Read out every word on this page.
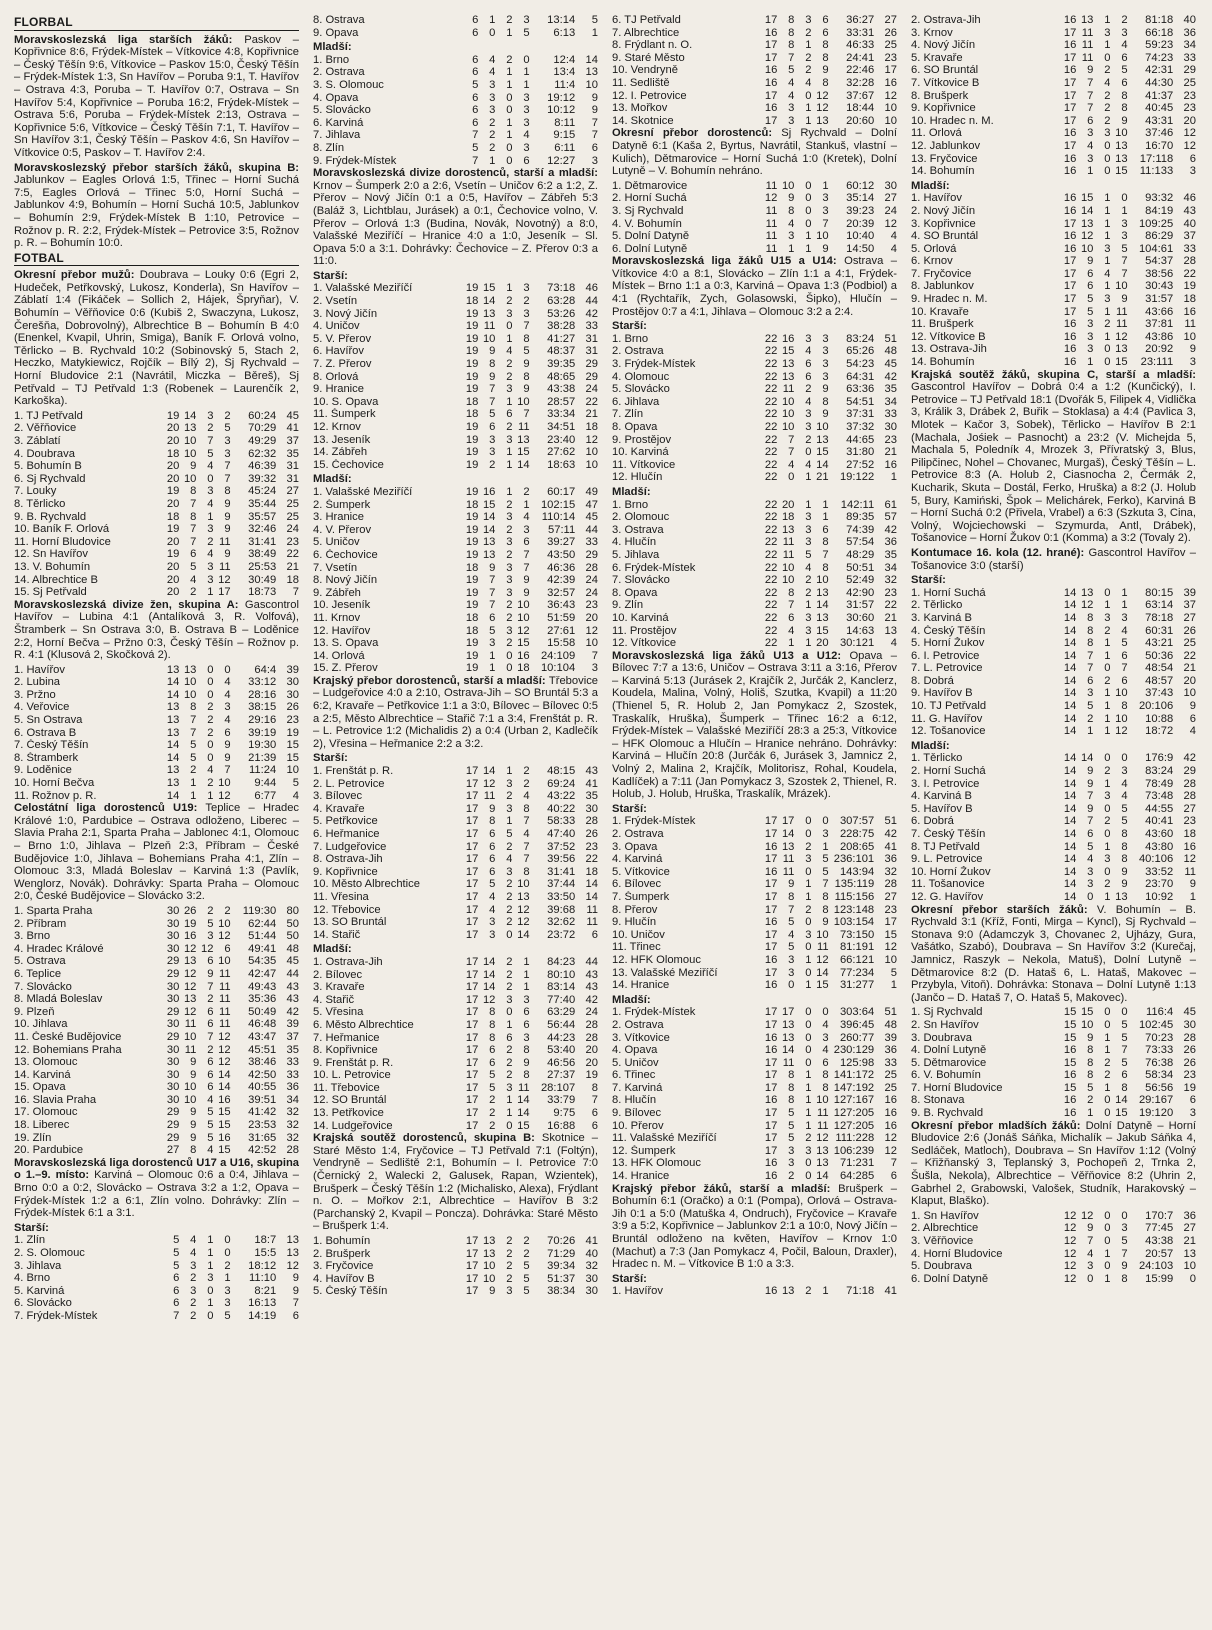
FLORBAL

Moravskoslezská liga starších žáků: Paskov – Kopřivnice 8:6, Frýdek-Místek – Vítkovice 4:8, Kopřivnice – Český Těšín 9:6, Vítkovice – Paskov 15:0, Český Těšín – Frýdek-Místek 1:3, Sn Havířov – Poruba 9:1, T. Havířov – Ostrava 4:3, Poruba – T. Havířov 0:7, Ostrava – Sn Havířov 5:4, Kopřivnice – Poruba 16:2, Frýdek-Místek – Ostrava 5:6, Poruba – Frýdek-Místek 2:13, Ostrava – Kopřivnice 5:6, Vítkovice – Český Těšín 7:1, T. Havířov – Sn Havířov 3:1, Český Těšín – Paskov 4:6, Sn Havířov – Vítkovice 0:5, Paskov – T. Havířov 2:4.

Moravskoslezský přebor starších žáků, skupina B: Jablunkov – Eagles Orlová 1:5, Třinec – Horní Suchá 7:5, Eagles Orlová – Třinec 5:0, Horní Suchá – Jablunkov 4:9, Bohumín – Horní Suchá 10:5, Jablunkov – Bohumín 2:9, Frýdek-Místek B 1:10, Petrovice – Rožnov p. R. 2:2, Frýdek-Místek – Petrovice 3:5, Rožnov p. R. – Bohumín 10:0.

FOTBAL

Okresní přebor mužů: Doubrava – Louky 0:6 (Egri 2, Hudeček, Petřkovský, Lukosz, Konderla), Sn Havířov – Záblatí 1:4 (Fikáček – Sollich 2, Hájek, Špryňar), V. Bohumín – Věřňovice 0:6 (Kubiš 2, Swaczyna, Lukosz, Čerešňa, Dobrovolný), Albrechtice B – Bohumín B 4:0 (Enenkel, Kvapil, Uhrin, Smiga), Baník F. Orlová volno, Těrlicko – B. Rychvald 10:2 (Sobinovský 5, Stach 2, Heczko, Matykiewicz, Rojčík – Bílý 2), Sj Rychvald – Horní Bludovice 2:1 (Navrátil, Miczka – Běreš), Sj Petřvald – TJ Petřvald 1:3 (Robenek – Laurenčík 2, Karkoška).

1. TJ Petřvald	19	14	3	2	60:24	45
2. Věřňovice	20	13	2	5	70:29	41
3. Záblatí	20	10	7	3	49:29	37
4. Doubrava	18	10	5	3	62:32	35
5. Bohumín B	20	9	4	7	46:39	31
6. Sj Rychvald	20	10	0	7	39:32	31
7. Louky	19	8	3	8	45:24	27
8. Těrlicko	20	7	4	9	35:44	25
9. B. Rychvald	18	8	1	9	35:57	25
10. Baník F. Orlová	19	7	3	9	32:46	24
11. Horní Bludovice	20	7	2	11	31:41	23
12. Sn Havířov	19	6	4	9	38:49	22
13. V. Bohumín	20	5	3	11	25:53	21
14. Albrechtice B	20	4	3	12	30:49	18
15. Sj Petřvald	20	2	1	17	18:73	7

Moravskoslezská divize žen, skupina A: Gascontrol Havířov – Lubina 4:1 (Antalíková 3, R. Volfová), Štramberk – Sn Ostrava 3:0, B. Ostrava B – Loděnice 2:2, Horní Bečva – Pržno 0:3, Český Těšín – Rožnov p. R. 4:1 (Klusová 2, Skočková 2).

1. Havířov	13	13	0	0	64:4	39
2. Lubina	14	10	0	4	33:12	30
3. Pržno	14	10	0	4	28:16	30
4. Veřovice	13	8	2	3	38:15	26
5. Sn Ostrava	13	7	2	4	29:16	23
6. Ostrava B	13	7	2	6	39:19	19
7. Český Těšín	14	5	0	9	19:30	15
8. Štramberk	14	5	0	9	21:39	15
9. Loděnice	13	2	4	7	11:24	10
10. Horní Bečva	13	1	2	10	9:44	5
11. Rožnov p. R.	14	1	1	12	6:77	4

Celostátní liga dorostenců U19: Teplice – Hradec Králové 1:0, Pardubice – Ostrava odloženo, Liberec – Slavia Praha 2:1, Sparta Praha – Jablonec 4:1, Olomouc – Brno 1:0, Jihlava – Plzeň 2:3, Příbram – České Budějovice 1:0, Jihlava – Bohemians Praha 4:1, Zlín – Olomouc 3:3, Mladá Boleslav – Karviná 1:3 (Pavlík, Wenglorz, Novák). Dohrávky: Sparta Praha – Olomouc 2:0, České Budějovice – Slovácko 3:2.

1. Sparta Praha	30	26	2	2	119:30	80
2. Příbram	30	19	5	10	62:44	50
3. Brno	30	16	3	12	51:44	50
4. Hradec Králové	30	12	12	6	49:41	48
5. Ostrava	29	13	6	10	54:35	45
6. Teplice	29	12	9	11	42:47	44
7. Slovácko	30	12	7	11	49:43	43
8. Mladá Boleslav	30	13	2	11	35:36	43
9. Plzeň	29	12	6	11	50:49	42
10. Jihlava	30	11	6	11	46:48	39
11. České Budějovice	29	10	7	12	43:47	37
12. Bohemians Praha	30	11	2	12	45:51	35
13. Olomouc	30	9	6	12	38:46	33
14. Karviná	30	9	6	14	42:50	33
15. Opava	30	10	6	14	40:55	36
16. Slavia Praha	30	10	4	16	39:51	34
17. Olomouc	29	9	5	15	41:42	32
18. Liberec	29	9	5	15	23:53	32
19. Zlín	29	9	5	16	31:65	32
20. Pardubice	27	8	4	15	42:52	28

Moravskoslezská liga dorostenců U17 a U16, skupina o 1.–9. místo: Karviná – Olomouc 0:6 a 0:4, Jihlava – Brno 0:0 a 0:2, Slovácko – Ostrava 3:2 a 1:2, Opava – Frýdek-Místek 1:2 a 6:1, Zlín volno. Dohrávky: Zlín – Frýdek-Místek 6:1 a 3:1.

Starší:
1. Zlín	5	4	1	0	18:7	13
2. S. Olomouc	5	4	1	0	15:5	13
3. Jihlava	5	3	1	2	18:12	12
4. Brno	6	2	3	1	11:10	9
5. Karviná	6	3	0	3	8:21	9
6. Slovácko	6	2	1	3	16:13	7
7. Frýdek-Místek	7	2	0	5	14:19	6
8. Ostrava	6	1	2	3	13:14	5
9. Opava	6	0	1	5	6:13	1
Mladší:
1. Brno	6	4	2	0	12:4	14
2. Ostrava	6	4	1	1	13:4	13
3. S. Olomouc	5	3	1	1	11:4	10
4. Opava	6	3	0	3	19:12	9
5. Slovácko	6	3	0	3	10:12	9
6. Karviná	6	2	1	3	8:11	7
7. Jihlava	7	2	1	4	9:15	7
8. Zlín	5	2	0	3	6:11	6
9. Frýdek-Místek	7	1	0	6	12:27	3

Moravskoslezská divize dorostenců, starší a mladší: Krnov – Šumperk 2:0 a 2:6, Vsetín – Uničov 6:2 a 1:2, Z. Přerov – Nový Jičín 0:1 a 0:5, Havířov – Zábřeh 5:3 (Baláž 3, Lichtblau, Jurásek) a 0:1, Čechovice volno, V. Přerov – Orlová 1:3 (Budina, Novák, Novotný) a 8:0, Valašské Meziříčí – Hranice 4:0 a 1:0, Jeseník – Sl. Opava 5:0 a 3:1. Dohrávky: Čechovice – Z. Přerov 0:3 a 11:0.

Starší:
1. Valašské Meziříčí	19	15	1	3	73:18	46
2. Vsetín	18	14	2	2	63:28	44
3. Nový Jičín	19	13	3	3	53:26	42
4. Uničov	19	11	0	7	38:28	33
5. V. Přerov	19	10	1	8	41:27	31
6. Havířov	19	9	4	5	48:37	31
7. Z. Přerov	19	8	2	9	39:35	29
8. Orlová	19	9	2	8	48:65	29
9. Hranice	19	7	3	9	43:38	24
10. S. Opava	18	7	1	10	28:57	22
11. Šumperk	18	5	6	7	33:34	21
12. Krnov	19	6	2	11	34:51	18
13. Jeseník	19	3	3	13	23:40	12
14. Zábřeh	19	3	1	15	27:62	10
15. Čechovice	19	2	1	14	18:63	10
Mladší:
1. Valašské Meziříčí	19	16	1	2	60:17	49
2. Šumperk	18	15	2	1	102:15	47
3. Hranice	19	14	3	4	110:14	45
4. V. Přerov	19	14	2	3	57:11	44
5. Uničov	19	13	3	6	39:27	33
6. Čechovice	19	13	2	7	43:50	29
7. Vsetín	18	9	3	7	46:36	28
8. Nový Jičín	19	7	3	9	42:39	24
9. Zábřeh	19	7	3	9	32:57	24
10. Jeseník	19	7	2	10	36:43	23
11. Krnov	18	6	2	10	51:59	20
12. Havířov	18	5	3	12	27:61	12
13. S. Opava	19	3	2	15	15:58	10
14. Orlová	19	1	0	16	24:109	7
15. Z. Přerov	19	1	0	18	10:104	3

Krajský přebor dorostenců, starší a mladší: Třebovice – Ludgeřovice 4:0 a 2:10, Ostrava-Jih – SO Bruntál 5:3 a 6:2, Kravaře – Petřkovice 1:1 a 3:0, Bílovec – Bílovec 0:5 a 2:5, Město Albrechtice – Stařič 7:1 a 3:4, Frenštát p. R. – L. Petrovice 1:2 (Michalidis 2) a 0:4 (Urban 2, Kadlečík 2), Vřesina – Heřmanice 2:2 a 3:2.

Starší:
1. Frenštát p. R.	17	14	1	2	48:15	43
2. L. Petrovice	17	12	3	2	69:24	41
3. Bílovec	17	11	2	4	43:22	35
4. Kravaře	17	9	3	8	40:22	30
5. Petřkovice	17	8	1	7	58:33	28
6. Heřmanice	17	6	5	4	47:40	26
7. Ludgeřovice	17	6	2	7	37:52	23
8. Ostrava-Jih	17	6	4	7	39:56	22
9. Kopřivnice	17	6	3	8	31:41	18
10. Město Albrechtice	17	5	2	10	37:44	14
11. Vřesina	17	4	2	13	33:50	14
12. Třebovice	17	4	2	12	39:68	11
13. SO Bruntál	17	3	2	12	32:62	11
14. Stařič	17	3	0	14	23:72	6
Mladší:
1. Ostrava-Jih	17	14	2	1	84:23	44
2. Bílovec	17	14	2	1	80:10	43
3. Kravaře	17	14	2	1	83:14	43
4. Stařič	17	12	3	3	77:40	42
5. Vřesina	17	8	0	6	63:29	24
6. Město Albrechtice	17	8	1	6	56:44	28
7. Heřmanice	17	8	6	3	44:23	28
8. Kopřivnice	17	6	2	8	53:40	20
9. Frenštát p. R.	17	6	2	9	46:56	20
10. L. Petrovice	17	5	2	8	27:37	19
11. Třebovice	17	5	3	11	28:107	8
12. SO Bruntál	17	2	1	14	33:79	7
13. Petřkovice	17	2	1	14	9:75	6
14. Ludgeřovice	17	2	0	15	16:88	6

Krajská soutěž dorostenců, skupina B: Skotnice – Staré Město 1:4, Fryčovice – TJ Petřvald 7:1 (Foltýn), Vendryně – Sedliště 2:1, Bohumín – I. Petrovice 7:0 (Černický 2, Walecki 2, Galusek, Rapan, Wzientek), Brušperk – Český Těšín 1:2 (Michalisko, Alexa), Frýdlant n. O. – Mořkov 2:1, Albrechtice – Havířov B 3:2 (Parchanský 2, Kvapil – Poncza). Dohrávka: Staré Město – Brušperk 1:4.

1. Bohumín	17	13	2	2	70:26	41
2. Brušperk	17	13	2	2	71:29	40
3. Fryčovice	17	10	2	5	39:34	32
4. Havířov B	17	10	2	5	51:37	30
5. Český Těšín	17	9	3	5	38:34	30
6. TJ Petřvald	17	8	3	6	36:27	27
7. Albrechtice	16	8	2	6	33:31	26
8. Frýdlant n. O.	17	8	1	8	46:33	25
9. Staré Město	17	7	2	8	24:41	23
10. Vendryně	16	5	2	9	22:46	17
11. Sedliště	16	4	4	8	32:28	16
12. I. Petrovice	17	4	0	12	37:67	12
13. Mořkov	16	3	1	12	18:44	10
14. Skotnice	17	3	1	13	20:60	10

Okresní přebor dorostenců: Sj Rychvald – Dolní Datyně 6:1 (Kaša 2, Byrtus, Navrátil, Stankuš, vlastní – Kulich), Dětmarovice – Horní Suchá 1:0 (Kretek), Dolní Lutyně – V. Bohumín nehráno.

1. Dětmarovice	11	10	0	1	60:12	30
2. Horní Suchá	12	9	0	3	35:14	27
3. Sj Rychvald	11	8	0	3	39:23	24
4. V. Bohumín	11	4	0	7	20:39	12
5. Dolní Datyně	11	3	1	10	10:40	4
6. Dolní Lutyně	11	1	1	9	14:50	4

Moravskoslezská liga žáků U15 a U14: Ostrava – Vítkovice 4:0 a 8:1, Slovácko – Zlín 1:1 a 4:1, Frýdek-Místek – Brno 1:1 a 0:3, Karviná – Opava 1:3 (Podbiol) a 4:1 (Rychtařík, Zych, Golasowski, Šipko), Hlučín – Prostějov 0:7 a 4:1, Jihlava – Olomouc 3:2 a 2:4.

Starší:
1. Brno	22	16	3	3	83:24	51
2. Ostrava	22	15	4	3	65:26	48
3. Frýdek-Místek	22	13	6	3	54:23	45
4. Olomouc	22	13	6	3	64:31	42
5. Slovácko	22	11	2	9	63:36	35
6. Jihlava	22	10	4	8	54:51	34
7. Zlín	22	10	3	9	37:31	33
8. Opava	22	10	3	10	37:32	30
9. Prostějov	22	7	2	13	44:65	23
10. Karviná	22	7	0	15	31:80	21
11. Vítkovice	22	4	4	14	27:52	16
12. Hlučín	22	0	1	21	19:122	1
Mladší:
1. Brno	22	20	1	1	142:11	61
2. Olomouc	22	18	3	1	89:35	57
3. Ostrava	22	13	3	6	74:39	42
4. Hlučín	22	11	3	8	57:54	36
5. Jihlava	22	11	5	7	48:29	35
6. Frýdek-Místek	22	10	4	8	50:51	34
7. Slovácko	22	10	2	10	52:49	32
8. Opava	22	8	2	13	42:90	23
9. Zlín	22	7	1	14	31:57	22
10. Karviná	22	6	3	13	30:60	21
11. Prostějov	22	4	3	15	14:63	13
12. Vítkovice	22	1	1	20	30:121	4

Moravskoslezská liga žáků U13 a U12: Opava – Bílovec 7:7 a 13:6, Uničov – Ostrava 3:11 a 3:16, Přerov – Karviná 5:13 (Jurásek 2, Krajčík 2, Jurčák 2, Kanclerz, Koudela, Malina, Volný, Holiš, Szutka, Kvapil) a 11:20 (Thienel 5, R. Holub 2, Jan Pomykacz 2, Szostek, Traskalík, Hruška), Šumperk – Třinec 16:2 a 6:12, Frýdek-Místek – Valašské Meziříčí 28:3 a 25:3, Vítkovice – HFK Olomouc a Hlučín – Hranice nehráno. Dohrávky: Karviná – Hlučín 20:8 (Jurčák 6, Jurásek 3, Jamnicz 2, Volný 2, Malina 2, Krajčík, Molitorisz, Rohal, Koudela, Kadlíček) a 7:11 (Jan Pomykacz 3, Szostek 2, Thienel, R. Holub, J. Holub, Hruška, Traskalík, Mrázek).

Starší:
1. Frýdek-Místek	17	17	0	0	307:57	51
2. Ostrava	17	14	0	3	228:75	42
3. Opava	16	13	2	1	208:65	41
4. Karviná	17	11	3	5	236:101	36
5. Vítkovice	16	11	0	5	143:94	32
6. Bílovec	17	9	1	7	135:119	28
7. Šumperk	17	8	1	8	115:156	27
8. Přerov	17	7	2	8	123:148	23
9. Hlučín	16	5	0	9	103:154	17
10. Uničov	17	4	3	10	73:150	15
11. Třinec	17	5	0	11	81:191	12
12. HFK Olomouc	16	3	1	12	66:121	10
13. Valašské Meziříčí	17	3	0	14	77:234	5
14. Hranice	16	0	1	15	31:277	1
Mladší:
1. Frýdek-Místek	17	17	0	0	303:64	51
2. Ostrava	17	13	0	4	396:45	48
3. Vítkovice	16	13	0	3	260:77	39
4. Opava	16	14	0	4	230:129	36
5. Uničov	17	11	0	6	125:98	33
6. Třinec	17	8	1	8	141:172	25
7. Karviná	17	8	1	8	147:192	25
8. Hlučín	16	8	1	10	127:167	16
9. Bílovec	17	5	1	11	127:205	16
10. Přerov	17	5	1	11	127:205	16
11. Valašské Meziříčí	17	5	2	12	111:228	12
12. Šumperk	17	3	3	13	106:239	12
13. HFK Olomouc	16	3	0	13	71:231	7
14. Hranice	16	2	0	14	64:285	6

Krajský přebor žáků, starší a mladší: Brušperk – Bohumín 6:1 (Oračko) a 0:1 (Pompa), Orlová – Ostrava-Jih 0:1 a 5:0 (Matuška 4, Ondruch), Fryčovice – Kravaře 3:9 a 5:2, Kopřivnice – Jablunkov 2:1 a 10:0, Nový Jičín – Bruntál odloženo na květen, Havířov – Krnov 1:0 (Machut) a 7:3 (Jan Pomykacz 4, Počil, Baloun, Draxler), Hradec n. M. – Vítkovice B 1:0 a 3:3.

Starší:
1. Havířov	16	13	2	1	71:18	41
2. Ostrava-Jih	16	13	1	2	81:18	40
3. Krnov	17	11	3	3	66:18	36
4. Nový Jičín	16	11	1	4	59:23	34
5. Kravaře	17	11	0	6	74:23	33
6. SO Bruntál	16	9	2	5	42:31	29
7. Vítkovice B	17	7	4	6	44:30	25
8. Brušperk	17	7	2	8	41:37	23
9. Kopřivnice	17	7	2	8	40:45	23
10. Hradec n. M.	17	6	2	9	43:31	20
11. Orlová	16	3	3	10	37:46	12
12. Jablunkov	17	4	0	13	16:70	12
13. Fryčovice	16	3	0	13	17:118	6
14. Bohumín	16	1	0	15	11:133	3
Mladší:
1. Havířov	16	15	1	0	93:32	46
2. Nový Jičín	16	14	1	1	84:19	43
3. Kopřivnice	17	13	1	3	109:25	40
4. SO Bruntál	16	12	1	3	86:29	37
5. Orlová	16	10	3	5	104:61	33
6. Krnov	17	9	1	7	54:37	28
7. Fryčovice	17	6	4	7	38:56	22
8. Jablunkov	17	6	1	10	30:43	19
9. Hradec n. M.	17	5	3	9	31:57	18
10. Kravaře	17	5	1	11	43:66	16
11. Brušperk	16	3	2	11	37:81	11
12. Vítkovice B	16	3	1	12	43:86	10
13. Ostrava-Jih	16	3	0	13	20:92	9
14. Bohumín	16	1	0	15	23:111	3

Krajská soutěž žáků, skupina C, starší a mladší: Gascontrol Havířov – Dobrá 0:4 a 1:2 (Kunčický), I. Petrovice – TJ Petřvald 18:1 (Dvořák 5, Filipek 4, Vidlička 3, Králik 3, Drábek 2, Buřik – Stoklasa) a 4:4 (Pavlica 3, Mlotek – Kačor 3, Sobek), Těrlicko – Havířov B 2:1 (Machala, Jośiek – Pasnocht) a 23:2 (V. Michejda 5, Machala 5, Poledník 4, Mrozek 3, Přívratský 3, Blus, Pilipčinec, Nohel – Chovanec, Murgaš), Český Těšín – L. Petrovice 8:3 (A. Holub 2, Ciasnocha 2, Čermák 2, Kucharik, Skuta – Dostál, Ferko, Hruška) a 8:2 (J. Holub 5, Bury, Kamiński, Špok – Melichárek, Ferko), Karviná B – Horní Suchá 0:2 (Přivela, Vrabel) a 6:3 (Szkuta 3, Cina, Volný, Wojciechowski – Szymurda, Antl, Drábek), Tošanovice – Horní Žukov 0:1 (Komma) a 3:2 (Tovaly 2).

Kontumace 16. kola (12. hrané): Gascontrol Havířov – Tošanovice 3:0 (starší)

Starší:
1. Horní Suchá	14	13	0	1	80:15	39
2. Těrlicko	14	12	1	1	63:14	37
3. Karviná B	14	8	3	3	78:18	27
4. Český Těšín	14	8	2	4	60:31	26
5. Horní Žukov	14	8	1	5	43:21	25
6. I. Petrovice	14	7	1	6	50:36	22
7. L. Petrovice	14	7	0	7	48:54	21
8. Dobrá	14	6	2	6	48:57	20
9. Havířov B	14	3	1	10	37:43	10
10. TJ Petřvald	14	5	1	8	20:106	9
11. G. Havířov	14	2	1	10	10:88	6
12. Tošanovice	14	1	1	12	18:72	4
Mladší:
1. Těrlicko	14	14	0	0	176:9	42
2. Horní Suchá	14	9	2	3	83:24	29
3. I. Petrovice	14	9	1	4	78:49	28
4. Karviná B	14	7	3	4	73:48	28
5. Havířov B	14	9	0	5	44:55	27
6. Dobrá	14	7	2	5	40:41	23
7. Český Těšín	14	6	0	8	43:60	18
8. TJ Petřvald	14	5	1	8	43:80	16
9. L. Petrovice	14	4	3	8	40:106	12
10. Horní Žukov	14	3	0	9	33:52	11
11. Tošanovice	14	3	2	9	23:70	9
12. G. Havířov	14	0	1	13	10:92	1

Okresní přebor starších žáků: V. Bohumín – B. Rychvald 3:1 (Kříž, Fonti, Mirga – Kyncl), Sj Rychvald – Stonava 9:0 (Adamczyk 3, Chovanec 2, Ujházy, Gura, Vašátko, Szabó), Doubrava – Sn Havířov 3:2 (Kurečaj, Jamnicz, Raszyk – Nekola, Matuš), Dolní Lutyně – Dětmarovice 8:2 (D. Hataš 6, L. Hataš, Makovec – Przybyla, Vitoň). Dohrávka: Stonava – Dolní Lutyně 1:13 (Jančo – D. Hataš 7, O. Hataš 5, Makovec).

1. Sj Rychvald	15	15	0	0	116:4	45
2. Sn Havířov	15	10	0	5	102:45	30
3. Doubrava	15	9	1	5	70:23	28
4. Dolní Lutyně	16	8	1	7	73:33	26
5. Dětmarovice	15	8	2	5	76:38	26
6. V. Bohumín	16	8	2	6	58:34	23
7. Horní Bludovice	15	5	1	8	56:56	19
8. Stonava	16	2	0	14	29:167	6
9. B. Rychvald	16	1	0	15	19:120	3

Okresní přebor mladších žáků: Dolní Datyně – Horní Bludovice 2:6 (Jonáš Sáňka, Michalík – Jakub Sáňka 4, Sedláček, Matloch), Doubrava – Sn Havířov 1:12 (Volný – Křižňanský 3, Teplanský 3, Pochopeň 2, Trnka 2, Šušla, Nekola), Albrechtice – Věřňovice 8:2 (Uhrin 2, Gabrhel 2, Grabowski, Valošek, Studník, Harakovský – Klaput, Blaško).

1. Sn Havířov	12	12	0	0	170:7	36
2. Albrechtice	12	9	0	3	77:45	27
3. Věřňovice	12	7	0	5	43:38	21
4. Horní Bludovice	12	4	1	7	20:57	13
5. Doubrava	12	3	0	9	24:103	10
6. Dolní Datyně	12	0	1	8	15:99	0
